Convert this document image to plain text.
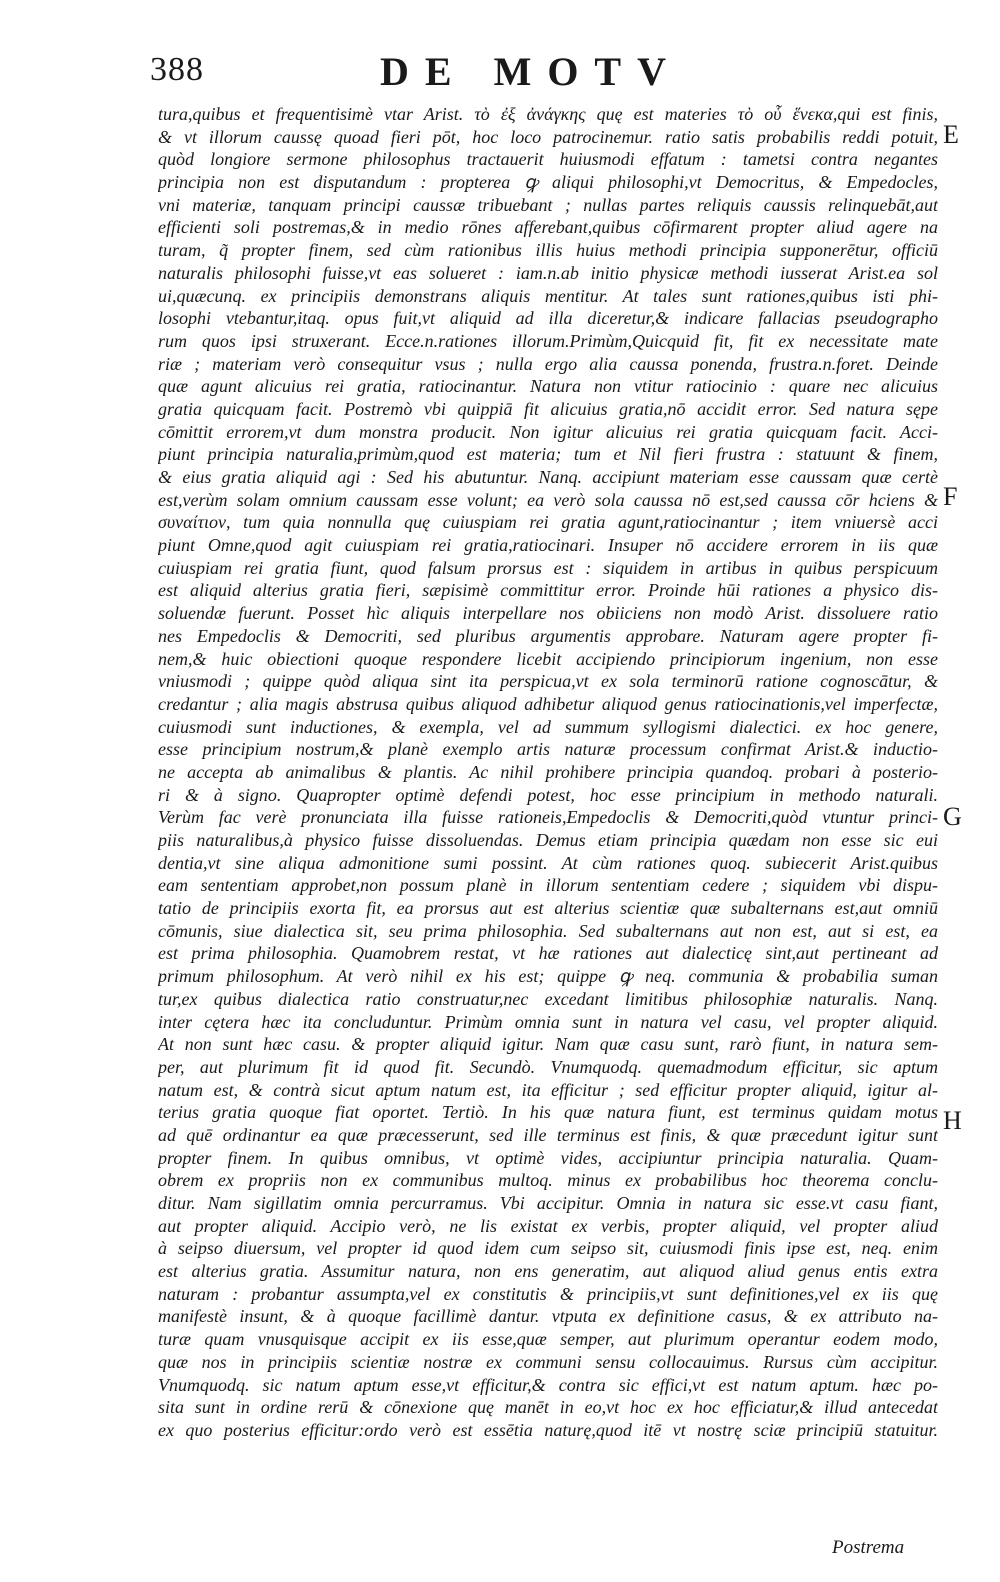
388	DE MOTV
tura,quibus et frequentisimè vtar Arist. τὸ ἐξ ἀνάγκης quę est materies τὸ οὗ ἕνεκα,qui est finis,
& vt illorum caussę quoad fieri pōt, hoc loco patrocinemur. ratio satis probabilis reddi potuit,
quòd longiore sermone philosophus tractauerit huiusmodi effatum : tametsi contra negantes
principia non est disputandum : propterea ꝙ aliqui philosophi,vt Democritus, & Empedocles,
vni materiæ, tanquam principi caussæ tribuebant ; nullas partes reliquis caussis relinquebāt,aut
efficienti soli postremas,& in medio rōnes afferebant,quibus cōfirmarent propter aliud agere na
turam, q̃ propter finem, sed cùm rationibus illis huius methodi principia supponerētur, officiū
naturalis philosophi fuisse,vt eas solueret : iam.n.ab initio physicæ methodi iusserat Arist.ea sol
ui,quæcunq. ex principiis demonstrans aliquis mentitur. At tales sunt rationes,quibus isti phi-
losophi vtebantur,itaq. opus fuit,vt aliquid ad illa diceretur,& indicare fallacias pseudographo
rum quos ipsi struxerant. Ecce.n.rationes illorum.Primùm,Quicquid fit, fit ex necessitate mate
riæ ; materiam verò consequitur vsus ; nulla ergo alia caussa ponenda, frustra.n.foret. Deinde
quæ agunt alicuius rei gratia, ratiocinantur. Natura non vtitur ratiocinio : quare nec alicuius
gratia quicquam facit. Postremò vbi quippiā fit alicuius gratia,nō accidit error. Sed natura sępe
cōmittit errorem,vt dum monstra producit. Non igitur alicuius rei gratia quicquam facit. Acci-
piunt principia naturalia,primùm,quod est materia; tum et Nil fieri frustra : statuunt & finem,
& eius gratia aliquid agi : Sed his abutuntur. Nanq. accipiunt materiam esse caussam quæ certè
est,verùm solam omnium caussam esse volunt; ea verò sola caussa nō est,sed caussa cōr hciens &
συναίτιον, tum quia nonnulla quę cuiuspiam rei gratia agunt,ratiocinantur ; item vniuersè acci
piunt Omne,quod agit cuiuspiam rei gratia,ratiocinari. Insuper nō accidere errorem in iis quæ
cuiuspiam rei gratia fiunt, quod falsum prorsus est : siquidem in artibus in quibus perspicuum
est aliquid alterius gratia fieri, sæpisimè committitur error. Proinde hūi rationes a physico dis-
soluendæ fuerunt. Posset hìc aliquis interpellare nos obiiciens non modò Arist. dissoluere ratio
nes Empedoclis & Democriti, sed pluribus argumentis approbare. Naturam agere propter fi-
nem,& huic obiectioni quoque respondere licebit accipiendo principiorum ingenium, non esse
vniusmodi ; quippe quòd aliqua sint ita perspicua,vt ex sola terminorū ratione cognoscātur, &
credantur ; alia magis abstrusa quibus aliquod adhibetur aliquod genus ratiocinationis,vel imperfectæ,
cuiusmodi sunt inductiones, & exempla, vel ad summum syllogismi dialectici. ex hoc genere,
esse principium nostrum,& planè exemplo artis naturæ processum confirmat Arist.& inductio-
ne accepta ab animalibus & plantis. Ac nihil prohibere principia quandoq. probari à posterio-
ri & à signo. Quapropter optimè defendi potest, hoc esse principium in methodo naturali.
Verùm fac verè pronunciata illa fuisse rationeis,Empedoclis & Democriti,quòd vtuntur princi-
piis naturalibus,à physico fuisse dissoluendas. Demus etiam principia quædam non esse sic eui
dentia,vt sine aliqua admonitione sumi possint. At cùm rationes quoq. subiecerit Arist.quibus
eam sententiam approbet,non possum planè in illorum sententiam cedere ; siquidem vbi dispu-
tatio de principiis exorta fit, ea prorsus aut est alterius scientiæ quæ subalternans est,aut omniū
cōmunis, siue dialectica sit, seu prima philosophia. Sed subalternans aut non est, aut si est, ea
est prima philosophia. Quamobrem restat, vt hæ rationes aut dialecticę sint,aut pertineant ad
primum philosophum. At verò nihil ex his est; quippe ꝙ neq. communia & probabilia suman
tur,ex quibus dialectica ratio construatur,nec excedant limitibus philosophiæ naturalis. Nanq.
inter cętera hæc ita concluduntur. Primùm omnia sunt in natura vel casu, vel propter aliquid.
At non sunt hæc casu. & propter aliquid igitur. Nam quæ casu sunt, rarò fiunt, in natura sem-
per, aut plurimum fit id quod fit. Secundò. Vnumquodq. quemadmodum efficitur, sic aptum
natum est, & contrà sicut aptum natum est, ita efficitur ; sed efficitur propter aliquid, igitur al-
terius gratia quoque fiat oportet. Tertiò. In his quæ natura fiunt, est terminus quidam motus
ad quē ordinantur ea quæ præcesserunt, sed ille terminus est finis, & quæ præcedunt igitur sunt
propter finem. In quibus omnibus, vt optimè vides, accipiuntur principia naturalia. Quam-
obrem ex propriis non ex communibus multoq. minus ex probabilibus hoc theorema conclu-
ditur. Nam sigillatim omnia percurramus. Vbi accipitur. Omnia in natura sic esse.vt casu fiant,
aut propter aliquid. Accipio verò, ne lis existat ex verbis, propter aliquid, vel propter aliud
à seipso diuersum, vel propter id quod idem cum seipso sit, cuiusmodi finis ipse est, neq. enim
est alterius gratia. Assumitur natura, non ens generatim, aut aliquod aliud genus entis extra
naturam : probantur assumpta,vel ex constitutis & principiis,vt sunt definitiones,vel ex iis quę
manifestè insunt, & à quoque facillimè dantur. vtputa ex definitione casus, & ex attributo na-
turæ quam vnusquisque accipit ex iis esse,quæ semper, aut plurimum operantur eodem modo,
quæ nos in principiis scientiæ nostræ ex communi sensu collocauimus. Rursus cùm accipitur.
Vnumquodq. sic natum aptum esse,vt efficitur,& contra sic effici,vt est natum aptum. hæc po-
sita sunt in ordine rerū & cōnexione quę manēt in eo,vt hoc ex hoc efficiatur,& illud antecedat
ex quo posterius efficitur:ordo verò est essētia naturę,quod itē vt nostrę sciæ principiū statuitur.
E
F
G
H
Postrema
